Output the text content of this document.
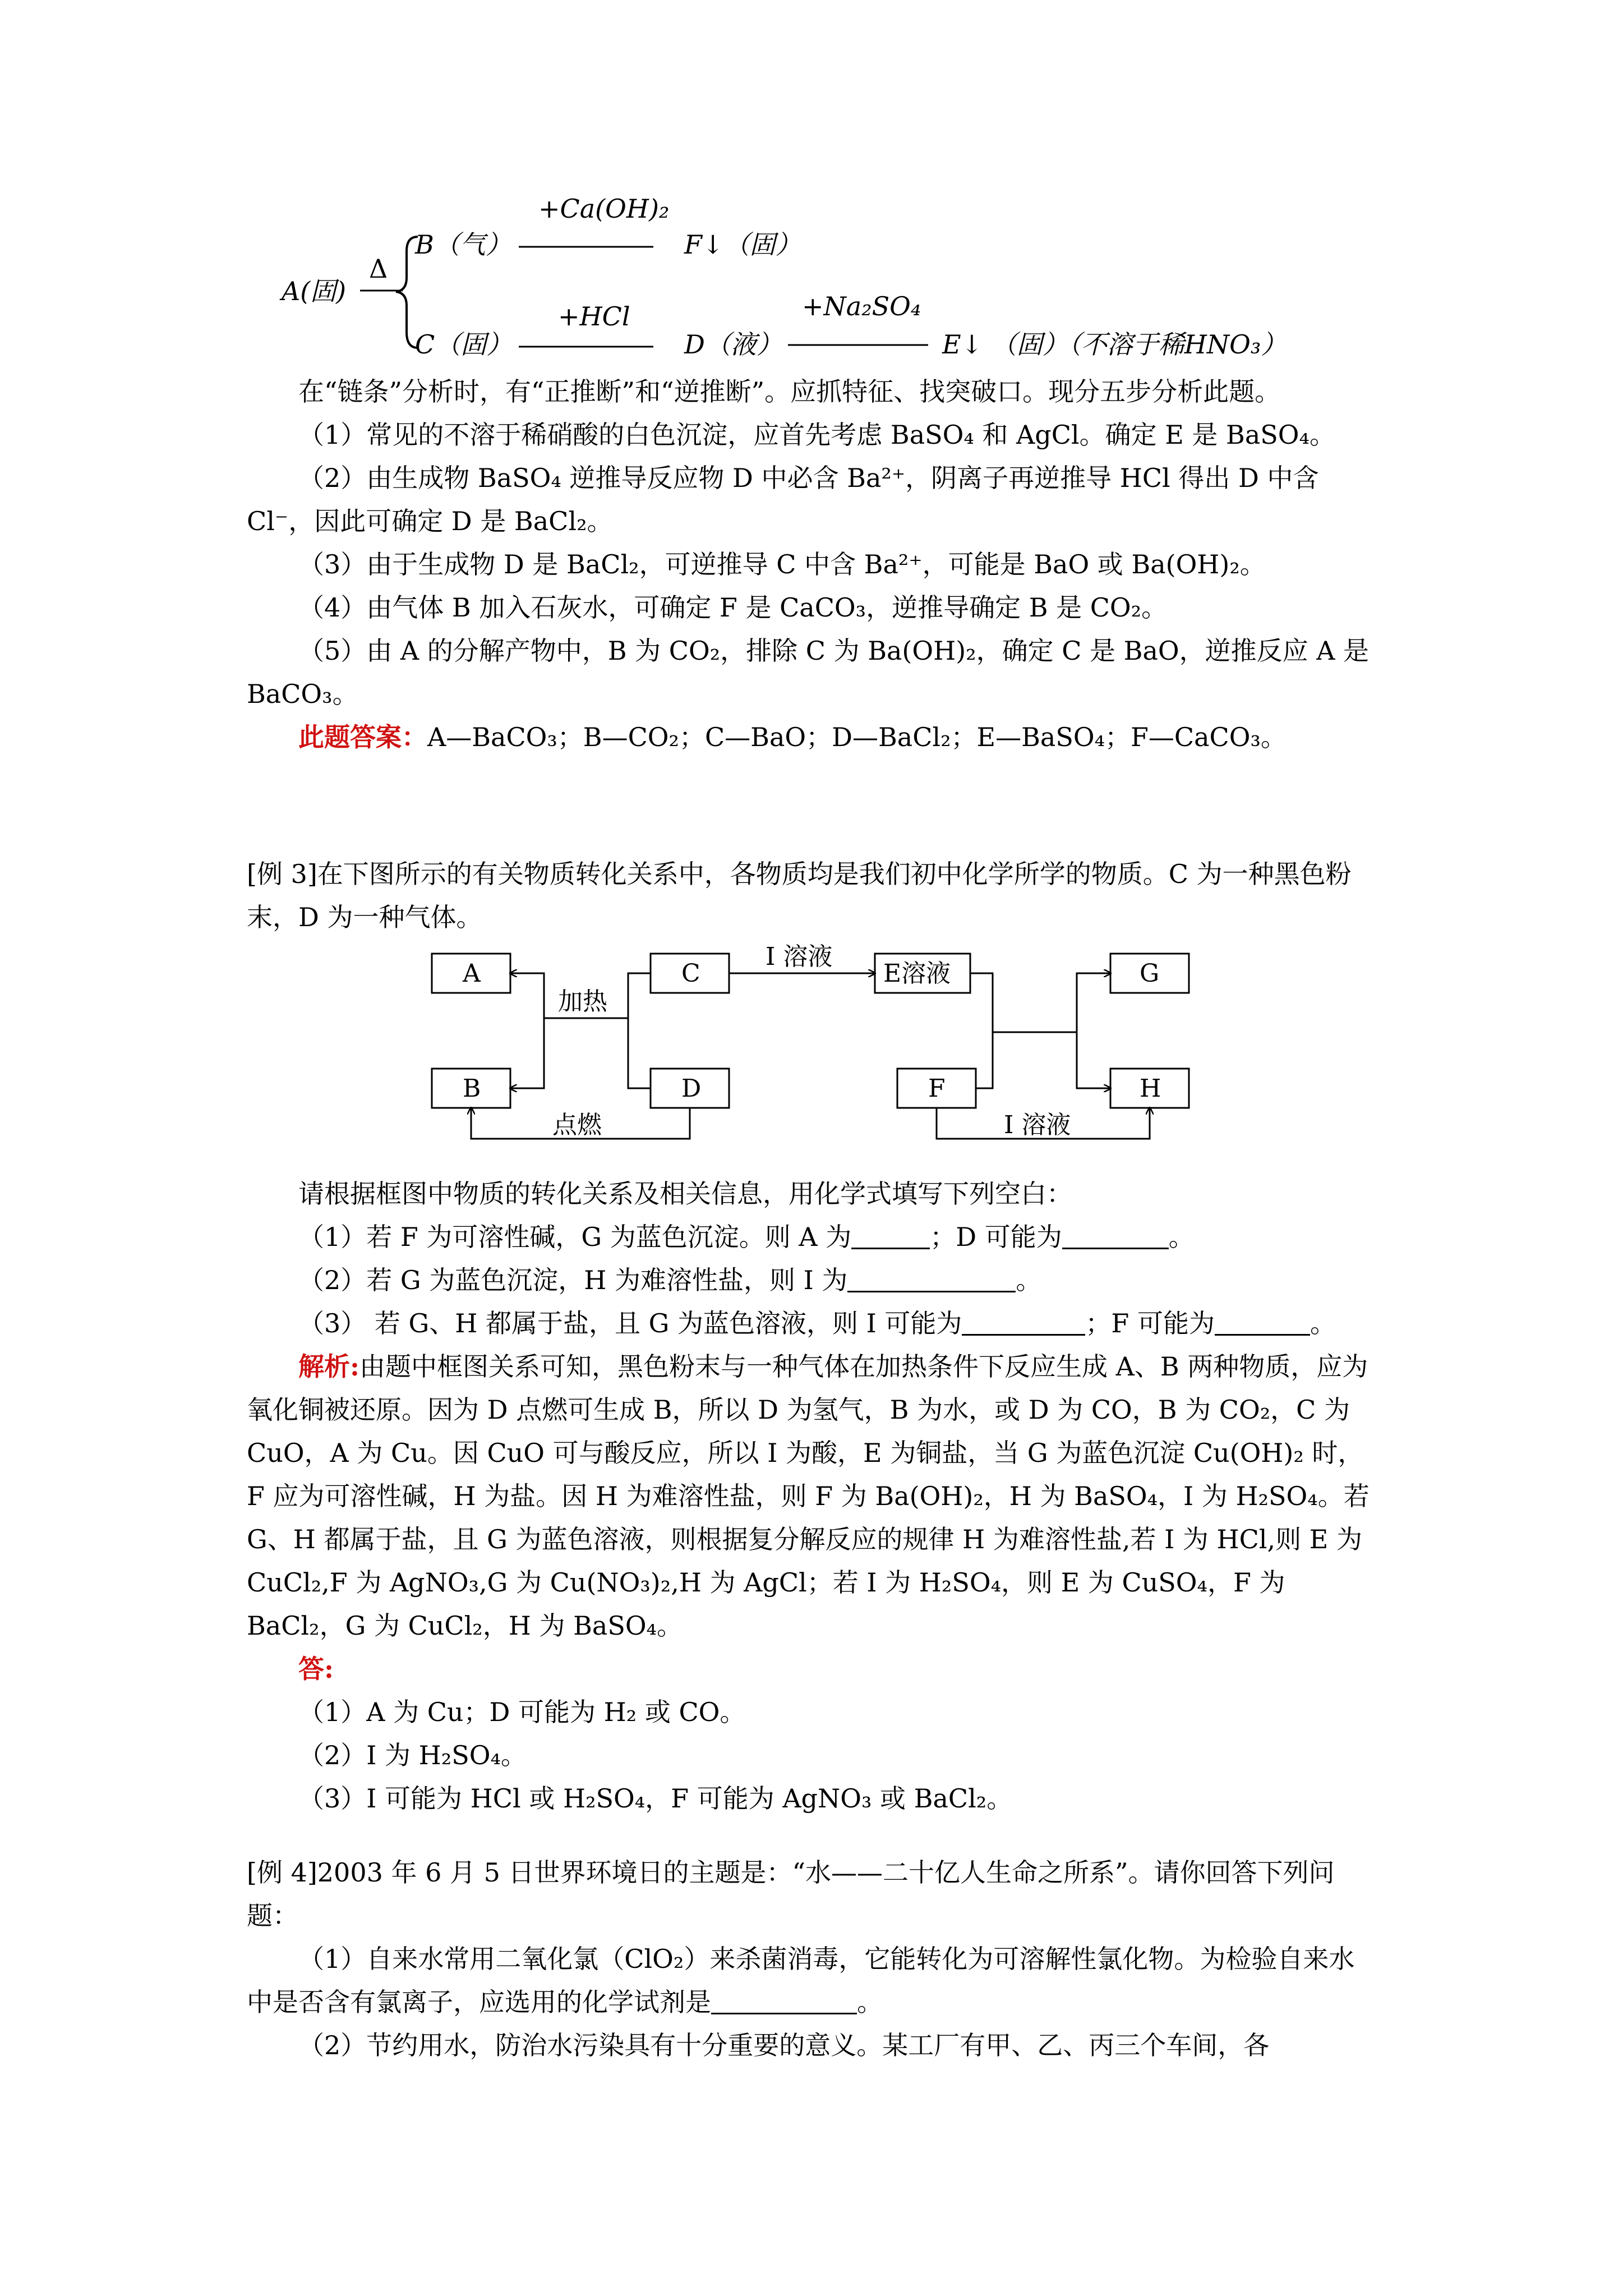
A(固)
Δ
B（气）
+Ca(OH)₂
F↓（固）
C（固）
+HCl
D（液）
+Na₂SO₄
E↓ （固）（不溶于稀HNO₃）

在“链条”分析时，有“正推断”和“逆推断”。应抓特征、找突破口。现分五步分析此题。

（1）常见的不溶于稀硝酸的白色沉淀，应首先考虑 BaSO₄ 和 AgCl。确定 E 是 BaSO₄。

（2）由生成物 BaSO₄ 逆推导反应物 D 中必含 Ba²⁺，阴离子再逆推导 HCl 得出 D 中含 Cl⁻，因此可确定 D 是 BaCl₂。

（3）由于生成物 D 是 BaCl₂，可逆推导 C 中含 Ba²⁺，可能是 BaO 或 Ba(OH)₂。

（4）由气体 B 加入石灰水，可确定 F 是 CaCO₃，逆推导确定 B 是 CO₂。

（5）由 A 的分解产物中，B 为 CO₂，排除 C 为 Ba(OH)₂，确定 C 是 BaO，逆推反应 A 是 BaCO₃。

此题答案：A—BaCO₃；B—CO₂；C—BaO；D—BaCl₂；E—BaSO₄；F—CaCO₃。

[例 3]在下图所示的有关物质转化关系中，各物质均是我们初中化学所学的物质。C 为一种黑色粉末，D 为一种气体。

A
B
C
D
E溶液
F
G
H
加热
点燃
I 溶液
I 溶液

请根据框图中物质的转化关系及相关信息，用化学式填写下列空白：

（1）若 F 为可溶性碱，G 为蓝色沉淀。则 A 为	；D 可能为	。

（2）若 G 为蓝色沉淀，H 为难溶性盐，则 I 为	。

（3） 若 G、H 都属于盐，且 G 为蓝色溶液，则 I 可能为	；F 可能为	。

解析:由题中框图关系可知，黑色粉末与一种气体在加热条件下反应生成 A、B 两种物质，应为氧化铜被还原。因为 D 点燃可生成 B，所以 D 为氢气，B 为水，或 D 为 CO，B 为 CO₂，C 为 CuO，A 为 Cu。因 CuO 可与酸反应，所以 I 为酸，E 为铜盐，当 G 为蓝色沉淀 Cu(OH)₂ 时，F 应为可溶性碱，H 为盐。因 H 为难溶性盐，则 F 为 Ba(OH)₂，H 为 BaSO₄，I 为 H₂SO₄。若 G、H 都属于盐，且 G 为蓝色溶液，则根据复分解反应的规律 H 为难溶性盐,若 I 为 HCl,则 E 为 CuCl₂,F 为 AgNO₃,G 为 Cu(NO₃)₂,H 为 AgCl；若 I 为 H₂SO₄，则 E 为 CuSO₄，F 为 BaCl₂，G 为 CuCl₂，H 为 BaSO₄。

答:

（1）A 为 Cu；D 可能为 H₂ 或 CO。

（2）I 为 H₂SO₄。

（3）I 可能为 HCl 或 H₂SO₄，F 可能为 AgNO₃ 或 BaCl₂。

[例 4]2003 年 6 月 5 日世界环境日的主题是：“水——二十亿人生命之所系”。请你回答下列问题：

（1）自来水常用二氧化氯（ClO₂）来杀菌消毒，它能转化为可溶解性氯化物。为检验自来水中是否含有氯离子，应选用的化学试剂是	。

（2）节约用水，防治水污染具有十分重要的意义。某工厂有甲、乙、丙三个车间，各
